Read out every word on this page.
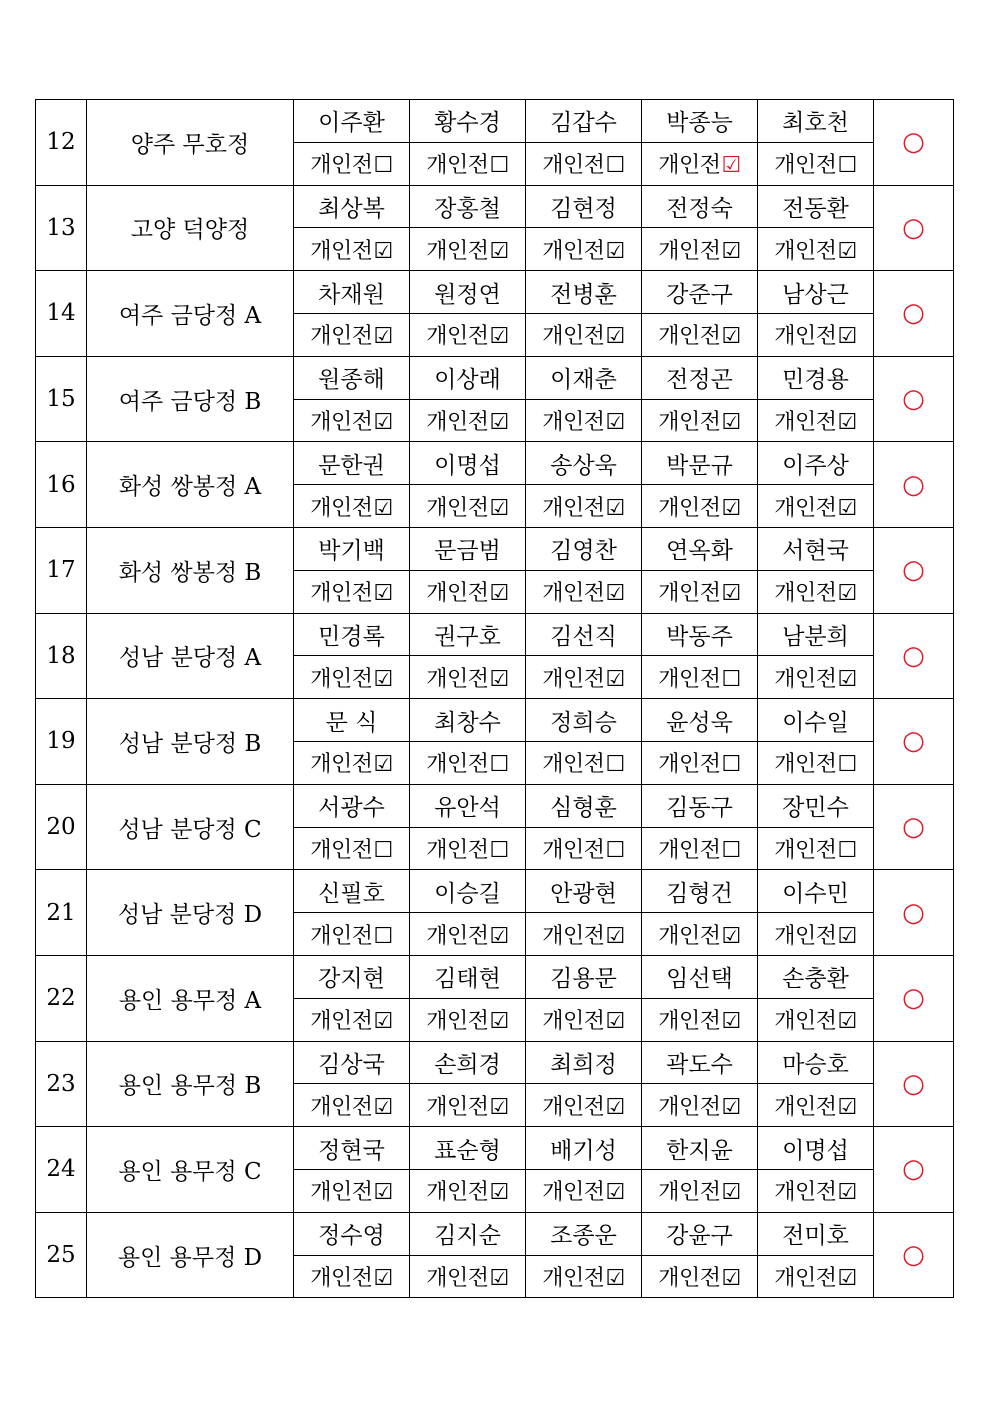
12	양주 무호정	이주환	황수경	김갑수	박종능	최호천	○
		개인전☐	개인전☐	개인전☐	개인전☑	개인전☐	
13	고양 덕양정	최상복	장홍철	김현정	전정숙	전동환	○
		개인전☑	개인전☑	개인전☑	개인전☑	개인전☑	
14	여주 금당정 A	차재원	원정연	전병훈	강준구	남상근	○
		개인전☑	개인전☑	개인전☑	개인전☑	개인전☑	
15	여주 금당정 B	원종해	이상래	이재춘	전정곤	민경용	○
		개인전☑	개인전☑	개인전☑	개인전☑	개인전☑	
16	화성 쌍봉정 A	문한권	이명섭	송상욱	박문규	이주상	○
		개인전☑	개인전☑	개인전☑	개인전☑	개인전☑	
17	화성 쌍봉정 B	박기백	문금범	김영찬	연옥화	서현국	○
		개인전☑	개인전☑	개인전☑	개인전☑	개인전☑	
18	성남 분당정 A	민경록	권구호	김선직	박동주	남분희	○
		개인전☑	개인전☑	개인전☑	개인전☐	개인전☑	
19	성남 분당정 B	문 식	최창수	정희승	윤성욱	이수일	○
		개인전☑	개인전☐	개인전☐	개인전☐	개인전☐	
20	성남 분당정 C	서광수	유안석	심형훈	김동구	장민수	○
		개인전☐	개인전☐	개인전☐	개인전☐	개인전☐	
21	성남 분당정 D	신필호	이승길	안광현	김형건	이수민	○
		개인전☐	개인전☑	개인전☑	개인전☑	개인전☑	
22	용인 용무정 A	강지현	김태현	김용문	임선택	손충환	○
		개인전☑	개인전☑	개인전☑	개인전☑	개인전☑	
23	용인 용무정 B	김상국	손희경	최희정	곽도수	마승호	○
		개인전☑	개인전☑	개인전☑	개인전☑	개인전☑	
24	용인 용무정 C	정현국	표순형	배기성	한지윤	이명섭	○
		개인전☑	개인전☑	개인전☑	개인전☑	개인전☑	
25	용인 용무정 D	정수영	김지순	조종운	강윤구	전미호	○
		개인전☑	개인전☑	개인전☑	개인전☑	개인전☑	
